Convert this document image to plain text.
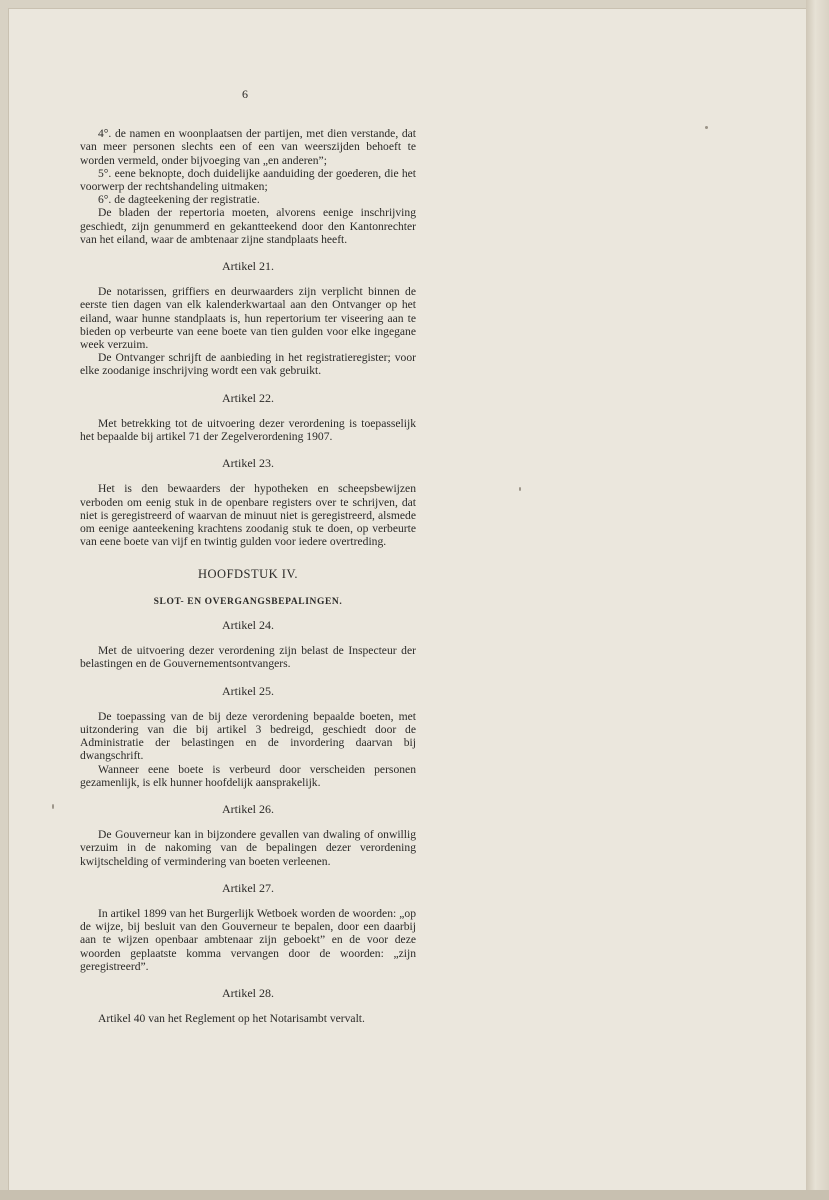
6

4°. de namen en woonplaatsen der partijen, met dien verstande, dat van meer personen slechts een of een van weerszijden behoeft te worden vermeld, onder bijvoeging van „en anderen”;

5°. eene beknopte, doch duidelijke aanduiding der goederen, die het voorwerp der rechtshandeling uitmaken;

6°. de dagteekening der registratie.

De bladen der repertoria moeten, alvorens eenige inschrijving geschiedt, zijn genummerd en gekantteekend door den Kantonrechter van het eiland, waar de ambtenaar zijne standplaats heeft.

Artikel 21.

De notarissen, griffiers en deurwaarders zijn verplicht binnen de eerste tien dagen van elk kalenderkwartaal aan den Ontvanger op het eiland, waar hunne standplaats is, hun repertorium ter viseering aan te bieden op verbeurte van eene boete van tien gulden voor elke ingegane week verzuim.

De Ontvanger schrijft de aanbieding in het registratieregister; voor elke zoodanige inschrijving wordt een vak gebruikt.

Artikel 22.

Met betrekking tot de uitvoering dezer verordening is toepasselijk het bepaalde bij artikel 71 der Zegelverordening 1907.

Artikel 23.

Het is den bewaarders der hypotheken en scheepsbewijzen verboden om eenig stuk in de openbare registers over te schrijven, dat niet is geregistreerd of waarvan de minuut niet is geregistreerd, alsmede om eenige aanteekening krachtens zoodanig stuk te doen, op verbeurte van eene boete van vijf en twintig gulden voor iedere overtreding.

HOOFDSTUK IV.
SLOT- EN OVERGANGSBEPALINGEN.
Artikel 24.

Met de uitvoering dezer verordening zijn belast de Inspecteur der belastingen en de Gouvernementsontvangers.

Artikel 25.

De toepassing van de bij deze verordening bepaalde boeten, met uitzondering van die bij artikel 3 bedreigd, geschiedt door de Administratie der belastingen en de invordering daarvan bij dwangschrift.

Wanneer eene boete is verbeurd door verscheiden personen gezamenlijk, is elk hunner hoofdelijk aansprakelijk.

Artikel 26.

De Gouverneur kan in bijzondere gevallen van dwaling of onwillig verzuim in de nakoming van de bepalingen dezer verordening kwijtschelding of vermindering van boeten verleenen.

Artikel 27.

In artikel 1899 van het Burgerlijk Wetboek worden de woorden: „op de wijze, bij besluit van den Gouverneur te bepalen, door een daarbij aan te wijzen openbaar ambtenaar zijn geboekt” en de voor deze woorden geplaatste komma vervangen door de woorden: „zijn geregistreerd”.

Artikel 28.

Artikel 40 van het Reglement op het Notarisambt vervalt.
